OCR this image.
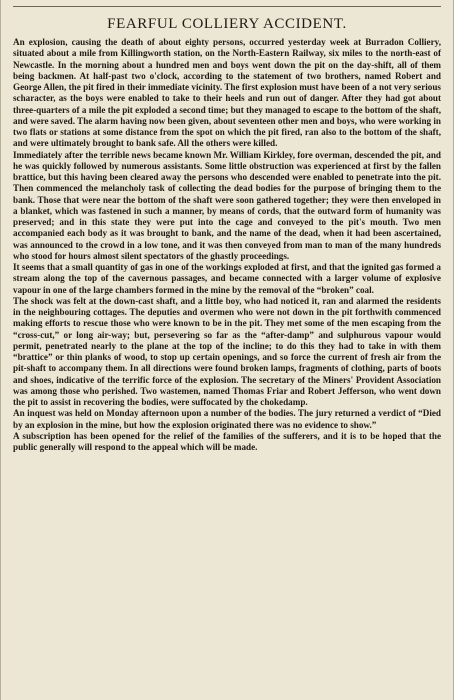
FEARFUL COLLIERY ACCIDENT.

An explosion, causing the death of about eighty persons, occurred yesterday week at Burradon Colliery, situated about a mile from Killingworth station, on the North-Eastern Railway, six miles to the north-east of Newcastle. In the morning about a hundred men and boys went down the pit on the day-shift, all of them being backmen. At half-past two o'clock, according to the statement of two brothers, named Robert and George Allen, the pit fired in their immediate vicinity. The first explosion must have been of a not very serious scharacter, as the boys were enabled to take to their heels and run out of danger. After they had got about three-quarters of a mile the pit exploded a second time; but they managed to escape to the bottom of the shaft, and were saved. The alarm having now been given, about seventeen other men and boys, who were working in two flats or stations at some distance from the spot on which the pit fired, ran also to the bottom of the shaft, and were ultimately brought to bank safe. All the others were killed.

Immediately after the terrible news became known Mr. William Kirkley, fore overman, descended the pit, and he was quickly followed by numerous assistants. Some little obstruction was experienced at first by the fallen brattice, but this having been cleared away the persons who descended were enabled to penetrate into the pit. Then commenced the melancholy task of collecting the dead bodies for the purpose of bringing them to the bank. Those that were near the bottom of the shaft were soon gathered together; they were then enveloped in a blanket, which was fastened in such a manner, by means of cords, that the outward form of humanity was preserved; and in this state they were put into the cage and conveyed to the pit's mouth. Two men accompanied each body as it was brought to bank, and the name of the dead, when it had been ascertained, was announced to the crowd in a low tone, and it was then conveyed from man to man of the many hundreds who stood for hours almost silent spectators of the ghastly proceedings.

It seems that a small quantity of gas in one of the workings exploded at first, and that the ignited gas formed a stream along the top of the cavernous passages, and became connected with a larger volume of explosive vapour in one of the large chambers formed in the mine by the removal of the “broken” coal.

The shock was felt at the down-cast shaft, and a little boy, who had noticed it, ran and alarmed the residents in the neighbouring cottages. The deputies and overmen who were not down in the pit forthwith commenced making efforts to rescue those who were known to be in the pit. They met some of the men escaping from the “cross-cut,” or long air-way; but, persevering so far as the “after-damp” and sulphurous vapour would permit, penetrated nearly to the plane at the top of the incline; to do this they had to take in with them “brattice” or thin planks of wood, to stop up certain openings, and so force the current of fresh air from the pit-shaft to accompany them. In all directions were found broken lamps, fragments of clothing, parts of boots and shoes, indicative of the terrific force of the explosion. The secretary of the Miners' Provident Association was among those who perished. Two wastemen, named Thomas Friar and Robert Jefferson, who went down the pit to assist in recovering the bodies, were suffocated by the chokedamp.

An inquest was held on Monday afternoon upon a number of the bodies. The jury returned a verdict of “Died by an explosion in the mine, but how the explosion originated there was no evidence to show.”

A subscription has been opened for the relief of the families of the sufferers, and it is to be hoped that the public generally will respond to the appeal which will be made.
